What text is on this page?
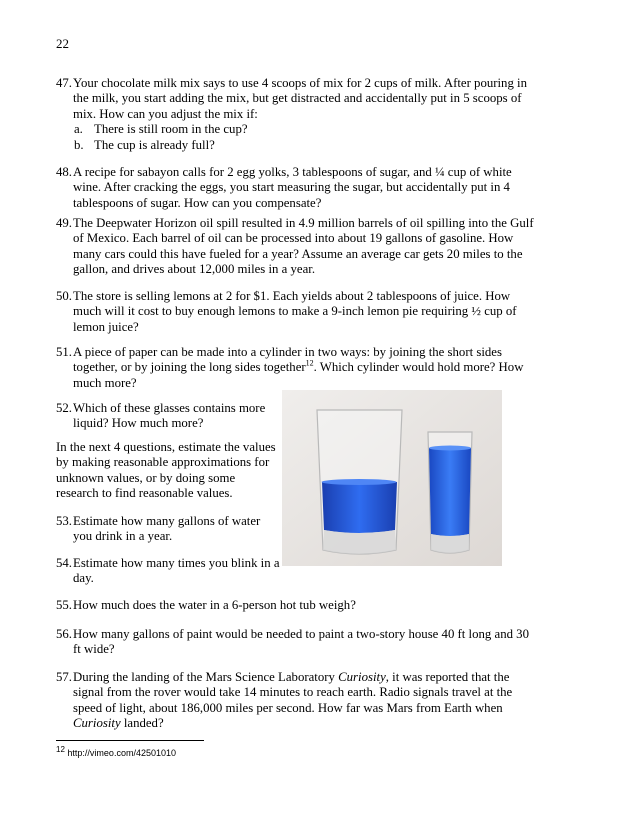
22
47. Your chocolate milk mix says to use 4 scoops of mix for 2 cups of milk. After pouring in the milk, you start adding the mix, but get distracted and accidentally put in 5 scoops of mix. How can you adjust the mix if:
a. There is still room in the cup?
b. The cup is already full?
48. A recipe for sabayon calls for 2 egg yolks, 3 tablespoons of sugar, and ¼ cup of white wine. After cracking the eggs, you start measuring the sugar, but accidentally put in 4 tablespoons of sugar. How can you compensate?
49. The Deepwater Horizon oil spill resulted in 4.9 million barrels of oil spilling into the Gulf of Mexico. Each barrel of oil can be processed into about 19 gallons of gasoline. How many cars could this have fueled for a year? Assume an average car gets 20 miles to the gallon, and drives about 12,000 miles in a year.
50. The store is selling lemons at 2 for $1. Each yields about 2 tablespoons of juice. How much will it cost to buy enough lemons to make a 9-inch lemon pie requiring ½ cup of lemon juice?
51. A piece of paper can be made into a cylinder in two ways: by joining the short sides together, or by joining the long sides together$^{12}$. Which cylinder would hold more? How much more?
52. Which of these glasses contains more liquid? How much more?
In the next 4 questions, estimate the values by making reasonable approximations for unknown values, or by doing some research to find reasonable values.
53. Estimate how many gallons of water you drink in a year.
54. Estimate how many times you blink in a day.
55. How much does the water in a 6-person hot tub weigh?
56. How many gallons of paint would be needed to paint a two-story house 40 ft long and 30 ft wide?
57. During the landing of the Mars Science Laboratory Curiosity, it was reported that the signal from the rover would take 14 minutes to reach earth. Radio signals travel at the speed of light, about 186,000 miles per second. How far was Mars from Earth when Curiosity landed?
$^{12}$ http://vimeo.com/42501010
